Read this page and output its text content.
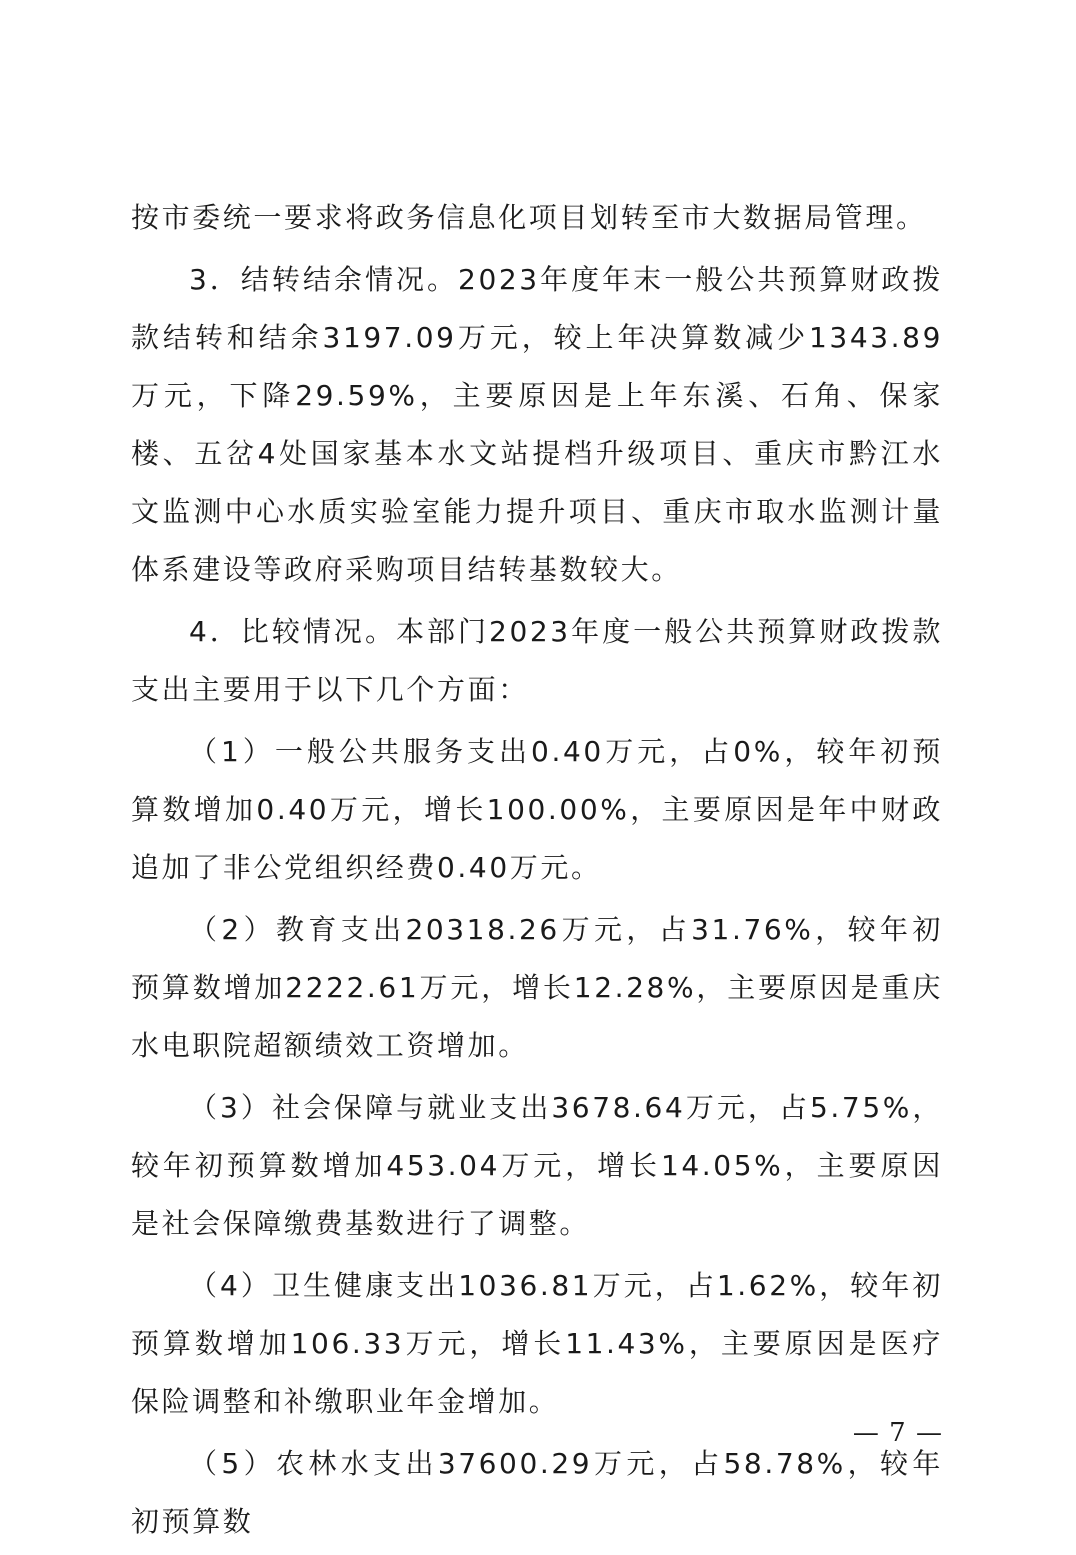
按市委统一要求将政务信息化项目划转至市大数据局管理。

3．结转结余情况。2023年度年末一般公共预算财政拨款结转和结余3197.09万元，较上年决算数减少1343.89万元，下降29.59%，主要原因是上年东溪、石角、保家楼、五岔4处国家基本水文站提档升级项目、重庆市黔江水文监测中心水质实验室能力提升项目、重庆市取水监测计量体系建设等政府采购项目结转基数较大。

4．比较情况。本部门2023年度一般公共预算财政拨款支出主要用于以下几个方面：

（1）一般公共服务支出0.40万元，占0%，较年初预算数增加0.40万元，增长100.00%，主要原因是年中财政追加了非公党组织经费0.40万元。

（2）教育支出20318.26万元，占31.76%，较年初预算数增加2222.61万元，增长12.28%，主要原因是重庆水电职院超额绩效工资增加。

（3）社会保障与就业支出3678.64万元，占5.75%，较年初预算数增加453.04万元，增长14.05%，主要原因是社会保障缴费基数进行了调整。

（4）卫生健康支出1036.81万元，占1.62%，较年初预算数增加106.33万元，增长11.43%，主要原因是医疗保险调整和补缴职业年金增加。

（5）农林水支出37600.29万元，占58.78%，较年初预算数

— 7 —
